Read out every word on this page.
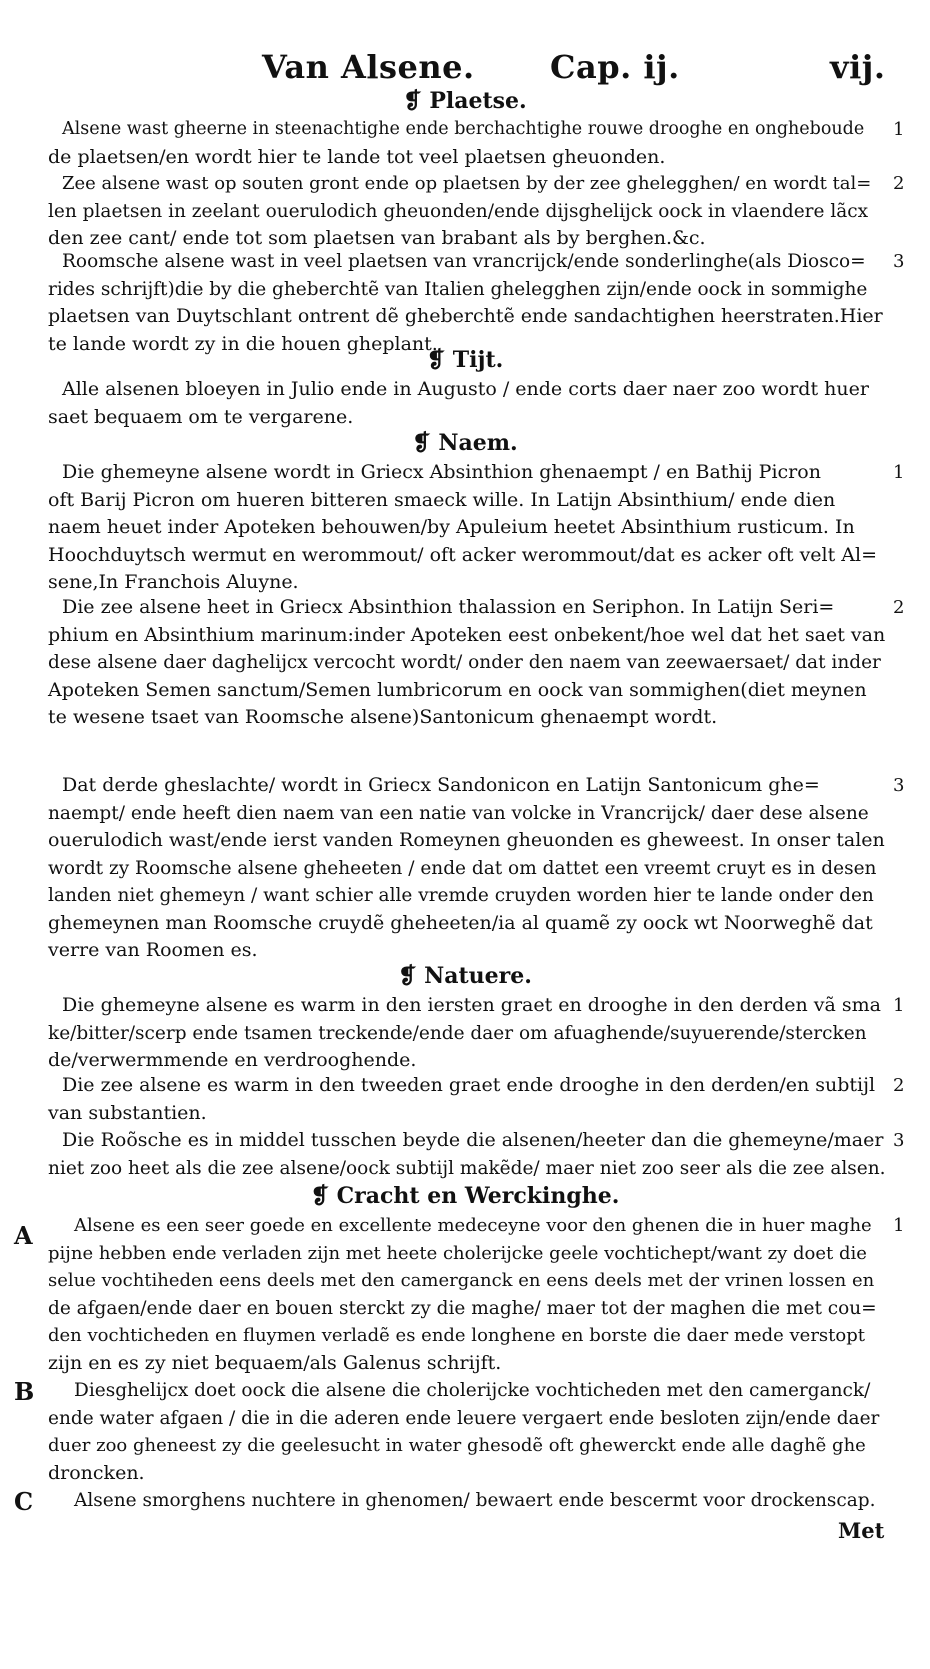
Van Alsene. Cap. ij.	vij.
❡ Plaetse.
1

Alsene wast gheerne in steenachtighe ende berchachtighe rouwe drooghe en ongheboude
de plaetsen/en wordt hier te lande tot veel plaetsen gheuonden.

2

Zee alsene wast op souten gront ende op plaetsen by der zee ghelegghen/ en wordt tal=
len plaetsen in zeelant ouerulodich gheuonden/ende dijsghelijck oock in vlaendere lãcx
den zee cant/ ende tot som plaetsen van brabant als by berghen.&c.

3

Roomsche alsene wast in veel plaetsen van vrancrijck/ende sonderlinghe(als Diosco=
rides schrijft)die by die gheberchtẽ van Italien ghelegghen zijn/ende oock in sommighe
plaetsen van Duytschlant ontrent dẽ gheberchtẽ ende sandachtighen heerstraten.Hier
te lande wordt zy in die houen gheplant.

❡ Tijt.

Alle alsenen bloeyen in Julio ende in Augusto / ende corts daer naer zoo wordt huer
saet bequaem om te vergarene.

❡ Naem.
1

Die ghemeyne alsene wordt in Griecx Absinthion ghenaempt / en Bathij Picron
oft Barij Picron om hueren bitteren smaeck wille. In Latijn Absinthium/ ende dien
naem heuet inder Apoteken behouwen/by Apuleium heetet Absinthium rusticum. In
Hoochduytsch wermut en werommout/ oft acker werommout/dat es acker oft velt Al=
sene,In Franchois Aluyne.

2

Die zee alsene heet in Griecx Absinthion thalassion en Seriphon. In Latijn Seri=
phium en Absinthium marinum:inder Apoteken eest onbekent/hoe wel dat het saet van
dese alsene daer daghelijcx vercocht wordt/ onder den naem van zeewaersaet/ dat inder
Apoteken Semen sanctum/Semen lumbricorum en oock van sommighen(diet meynen
te wesene tsaet van Roomsche alsene)Santonicum ghenaempt wordt.

3

Dat derde gheslachte/ wordt in Griecx Sandonicon en Latijn Santonicum ghe=
naempt/ ende heeft dien naem van een natie van volcke in Vrancrijck/ daer dese alsene
ouerulodich wast/ende ierst vanden Romeynen gheuonden es gheweest. In onser talen
wordt zy Roomsche alsene gheheeten / ende dat om dattet een vreemt cruyt es in desen
landen niet ghemeyn / want schier alle vremde cruyden worden hier te lande onder den
ghemeynen man Roomsche cruydẽ gheheeten/ia al quamẽ zy oock wt Noorweghẽ dat
verre van Roomen es.

❡ Natuere.
1

Die ghemeyne alsene es warm in den iersten graet en drooghe in den derden vã sma
ke/bitter/scerp ende tsamen treckende/ende daer om afuaghende/suyuerende/stercken
de/verwermmende en verdrooghende.

2

Die zee alsene es warm in den tweeden graet ende drooghe in den derden/en subtijl
van substantien.

3

Die Roõsche es in middel tusschen beyde die alsenen/heeter dan die ghemeyne/maer
niet zoo heet als die zee alsene/oock subtijl makẽde/ maer niet zoo seer als die zee alsen.

❡ Cracht en Werckinghe.
A	1

Alsene es een seer goede en excellente medeceyne voor den ghenen die in huer maghe
pijne hebben ende verladen zijn met heete cholerijcke geele vochtichept/want zy doet die
selue vochtiheden eens deels met den camerganck en eens deels met der vrinen lossen en
de afgaen/ende daer en bouen sterckt zy die maghe/ maer tot der maghen die met cou=
den vochticheden en fluymen verladẽ es ende longhene en borste die daer mede verstopt
zijn en es zy niet bequaem/als Galenus schrijft.

B	Diesghelijcx doet oock die alsene die cholerijcke vochticheden met den camerganck/
ende water afgaen / die in die aderen ende leuere vergaert ende besloten zijn/ende daer
duer zoo gheneest zy die geelesucht in water ghesodẽ oft ghewerckt ende alle daghẽ ghe
droncken.

C	Alsene smorghens nuchtere in ghenomen/ bewaert ende bescermt voor drockenscap.

Met
